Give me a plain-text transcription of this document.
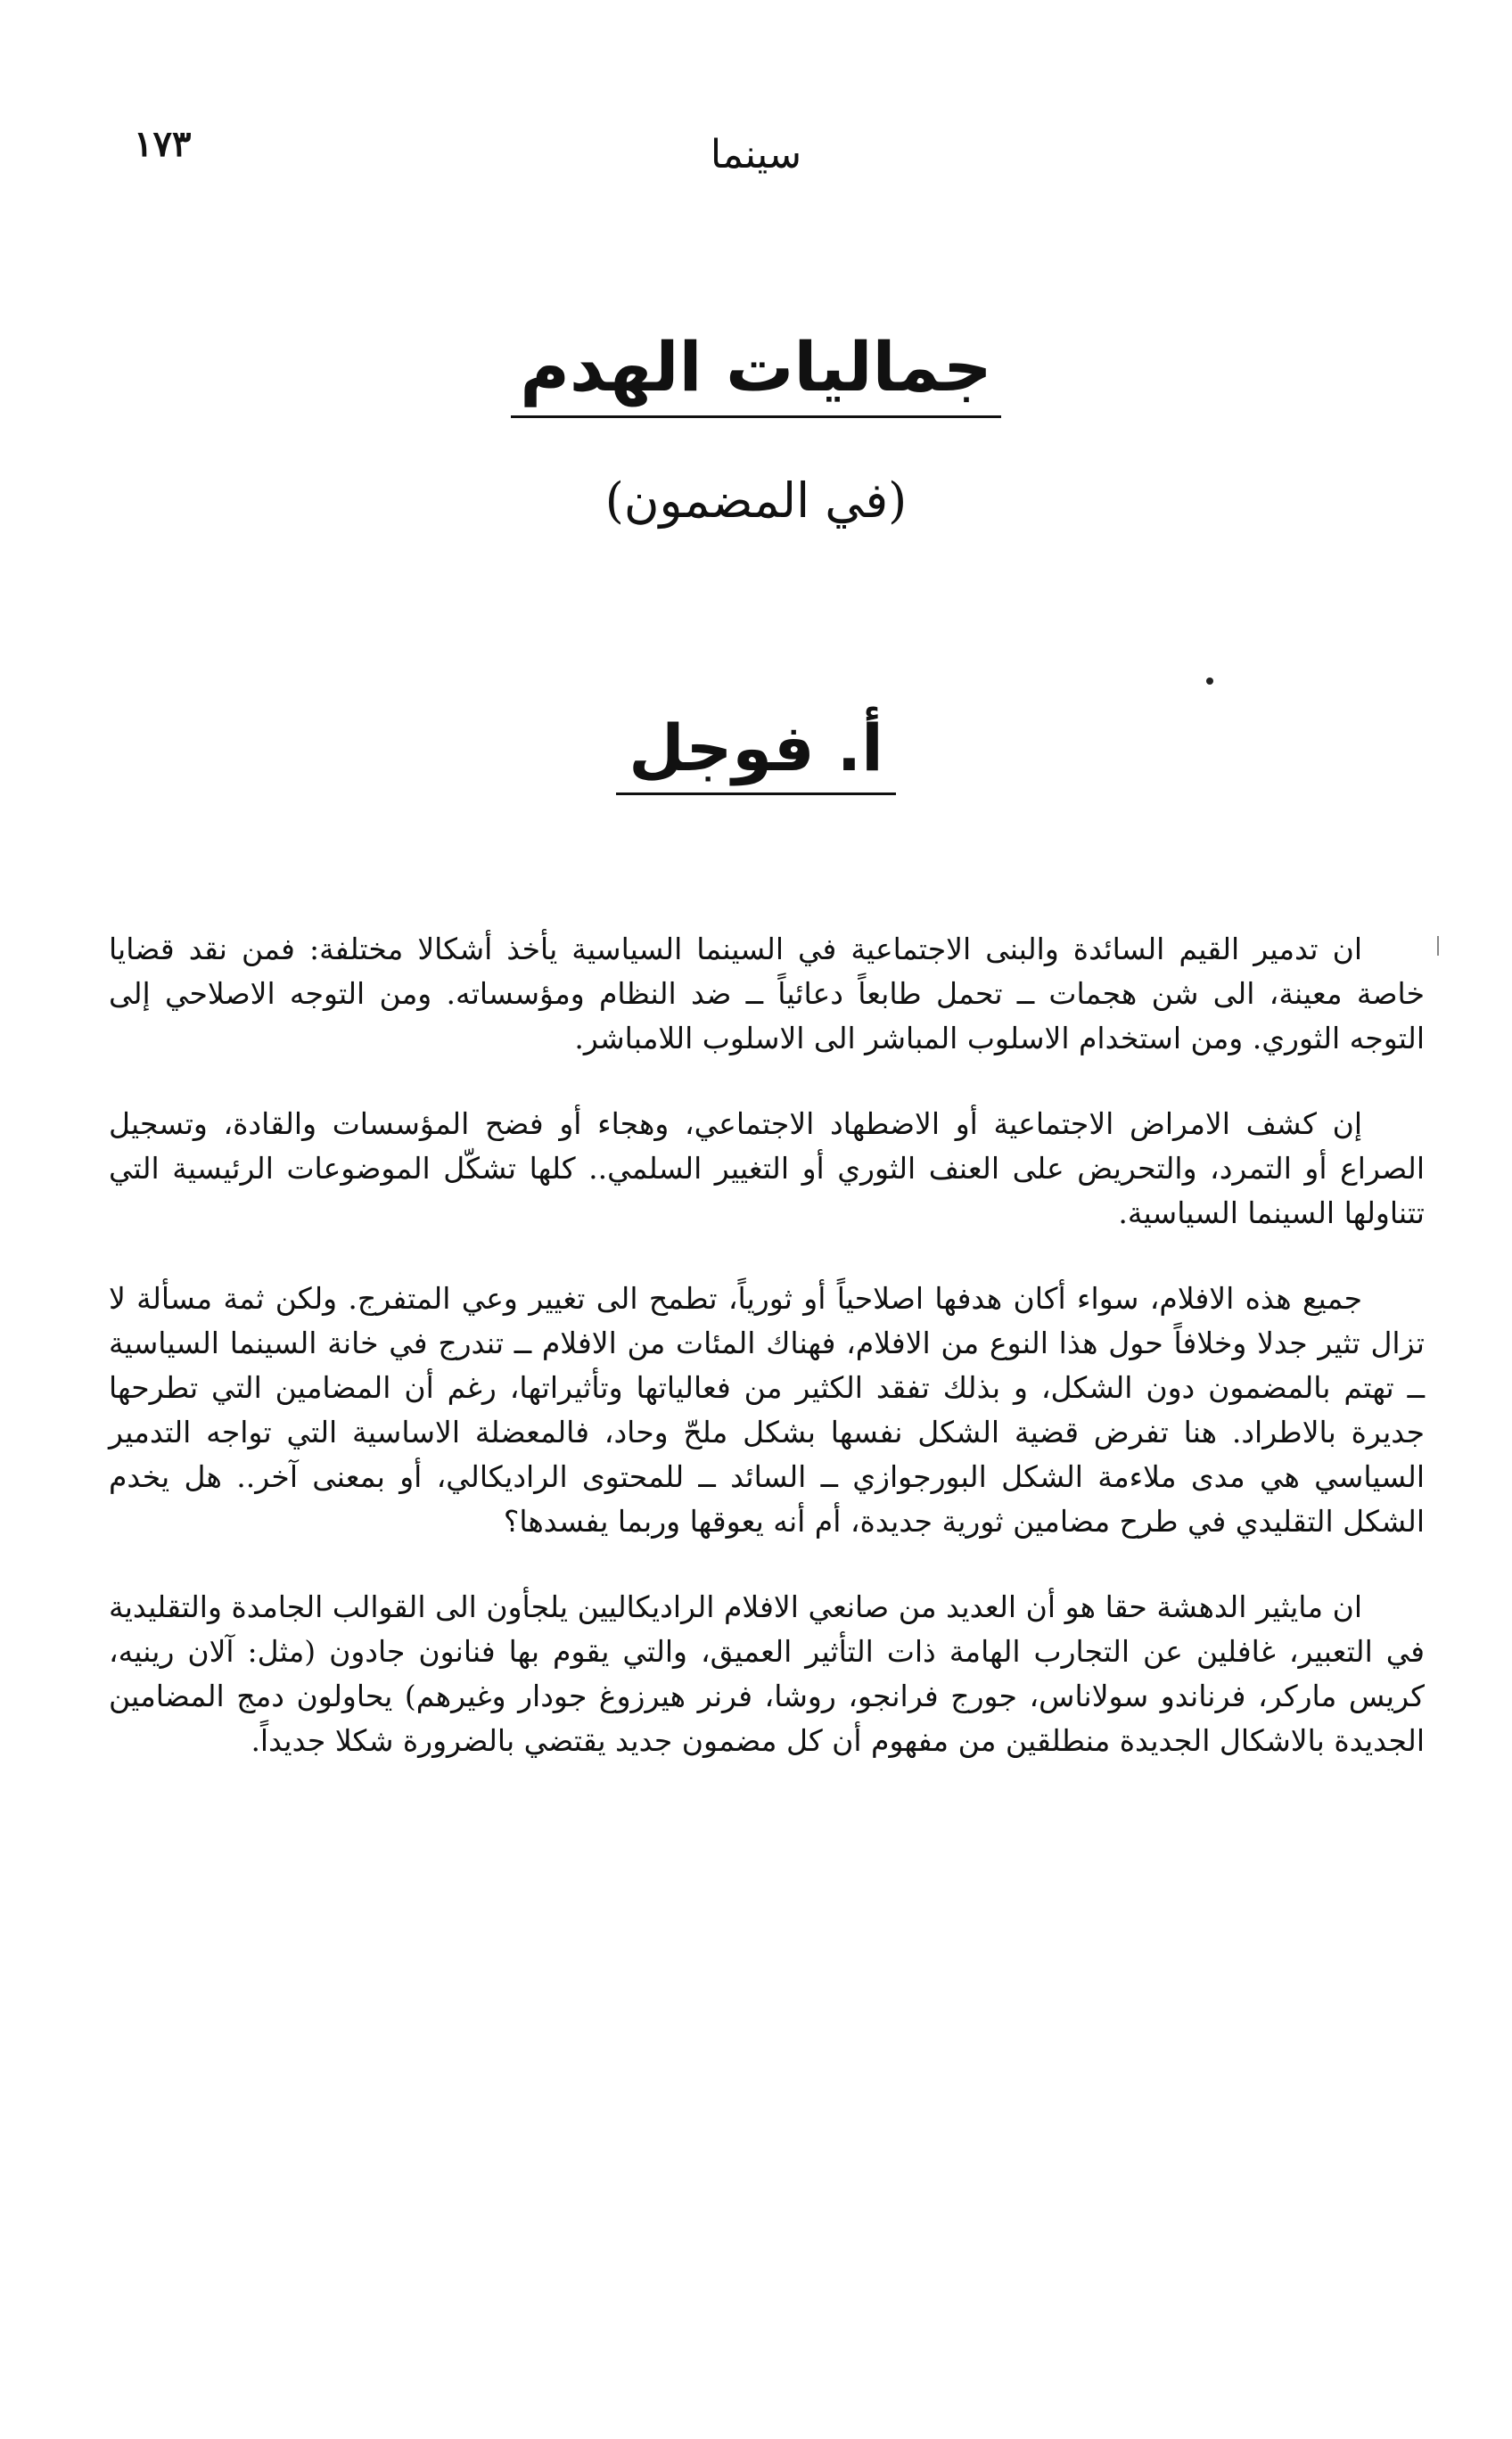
١٧٣	سينما
جماليات الهدم
(في المضمون)
أ. فوجل

ان تدمير القيم السائدة والبنى الاجتماعية في السينما السياسية يأخذ أشكالا مختلفة: فمن نقد قضايا خاصة معينة، الى شن هجمات ــ تحمل طابعاً دعائياً ــ ضد النظام ومؤسساته. ومن التوجه الاصلاحي إلى التوجه الثوري. ومن استخدام الاسلوب المباشر الى الاسلوب اللامباشر.

إن كشف الامراض الاجتماعية أو الاضطهاد الاجتماعي، وهجاء أو فضح المؤسسات والقادة، وتسجيل الصراع أو التمرد، والتحريض على العنف الثوري أو التغيير السلمي.. كلها تشكّل الموضوعات الرئيسية التي تتناولها السينما السياسية.

جميع هذه الافلام، سواء أكان هدفها اصلاحياً أو ثورياً، تطمح الى تغيير وعي المتفرج. ولكن ثمة مسألة لا تزال تثير جدلا وخلافاً حول هذا النوع من الافلام، فهناك المئات من الافلام ــ تندرج في خانة السينما السياسية ــ تهتم بالمضمون دون الشكل، و بذلك تفقد الكثير من فعالياتها وتأثيراتها، رغم أن المضامين التي تطرحها جديرة بالاطراد. هنا تفرض قضية الشكل نفسها بشكل ملحّ وحاد، فالمعضلة الاساسية التي تواجه التدمير السياسي هي مدى ملاءمة الشكل البورجوازي ــ السائد ــ للمحتوى الراديكالي، أو بمعنى آخر.. هل يخدم الشكل التقليدي في طرح مضامين ثورية جديدة، أم أنه يعوقها وربما يفسدها؟

ان مايثير الدهشة حقا هو أن العديد من صانعي الافلام الراديكاليين يلجأون الى القوالب الجامدة والتقليدية في التعبير، غافلين عن التجارب الهامة ذات التأثير العميق، والتي يقوم بها فنانون جادون (مثل: آلان رينيه، كريس ماركر، فرناندو سولاناس، جورج فرانجو، روشا، فرنر هيرزوغ جودار وغيرهم) يحاولون دمج المضامين الجديدة بالاشكال الجديدة منطلقين من مفهوم أن كل مضمون جديد يقتضي بالضرورة شكلا جديداً.
